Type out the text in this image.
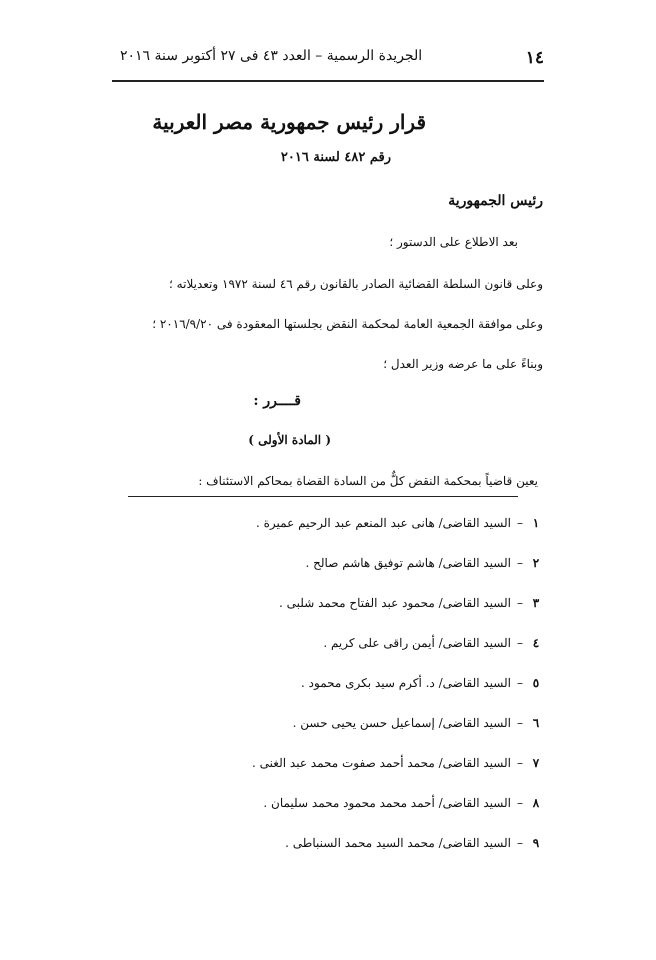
١٤
الجريدة الرسمية – العدد ٤٣ فى ٢٧ أكتوبر سنة ٢٠١٦
قرار رئيس جمهورية مصر العربية
رقم ٤٨٢ لسنة ٢٠١٦
رئيس الجمهورية
بعد الاطلاع على الدستور ؛
وعلى قانون السلطة القضائية الصادر بالقانون رقم ٤٦ لسنة ١٩٧٢ وتعديلاته ؛
وعلى موافقة الجمعية العامة لمحكمة النقض بجلستها المعقودة فى ٢٠١٦/٩/٢٠ ؛
وبناءً على ما عرضه وزير العدل ؛
قــــرر :
( المادة الأولى )
يعين قاضياً بمحكمة النقض كلٌّ من السادة القضاة بمحاكم الاستئناف :
١–السيد القاضى/ هانى عبد المنعم عبد الرحيم عميرة .
٢–السيد القاضى/ هاشم توفيق هاشم صالح .
٣–السيد القاضى/ محمود عبد الفتاح محمد شلبى .
٤–السيد القاضى/ أيمن راقى على كريم .
٥–السيد القاضى/ د. أكرم سيد بكرى محمود .
٦–السيد القاضى/ إسماعيل حسن يحيى حسن .
٧–السيد القاضى/ محمد أحمد صفوت محمد عبد الغنى .
٨–السيد القاضى/ أحمد محمد محمود محمد سليمان .
٩–السيد القاضى/ محمد السيد محمد السنباطى .
